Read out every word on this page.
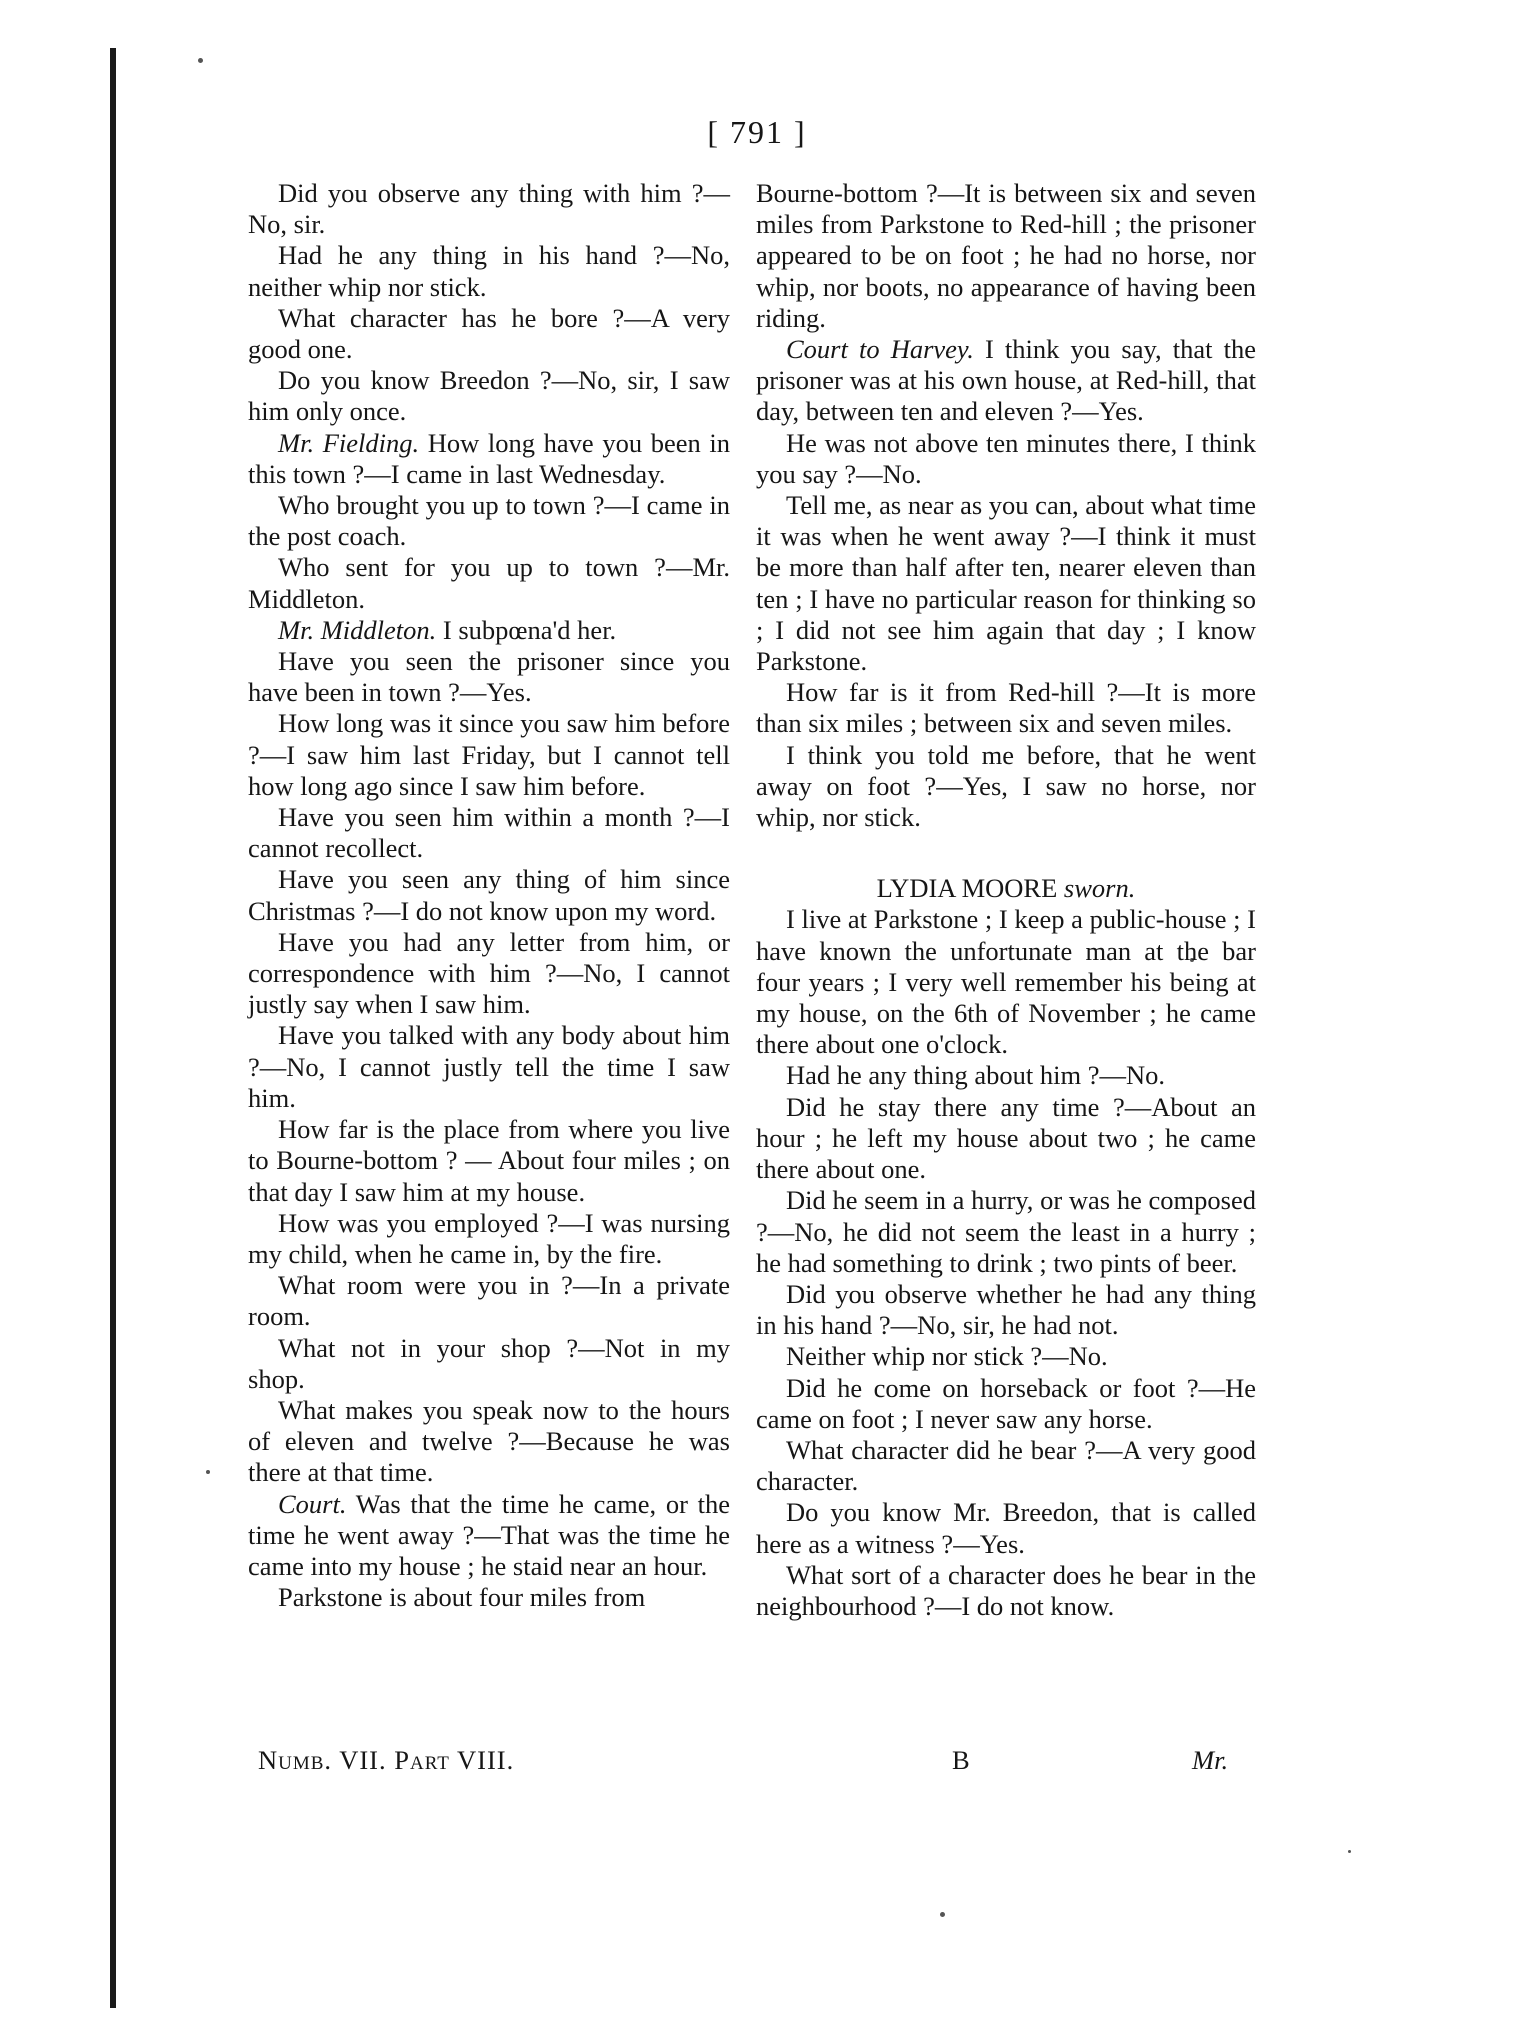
[ 791 ]

Did you observe any thing with him ?—No, sir.

Had he any thing in his hand ?—No, neither whip nor stick.

What character has he bore ?—A very good one.

Do you know Breedon ?—No, sir, I saw him only once.

Mr. Fielding. How long have you been in this town ?—I came in last Wednesday.

Who brought you up to town ?—I came in the post coach.

Who sent for you up to town ?—Mr. Middleton.

Mr. Middleton. I subpœna'd her.

Have you seen the prisoner since you have been in town ?—Yes.

How long was it since you saw him before ?—I saw him last Friday, but I cannot tell how long ago since I saw him before.

Have you seen him within a month ?—I cannot recollect.

Have you seen any thing of him since Christmas ?—I do not know upon my word.

Have you had any letter from him, or correspondence with him ?—No, I cannot justly say when I saw him.

Have you talked with any body about him ?—No, I cannot justly tell the time I saw him.

How far is the place from where you live to Bourne-bottom ? — About four miles ; on that day I saw him at my house.

How was you employed ?—I was nursing my child, when he came in, by the fire.

What room were you in ?—In a private room.

What not in your shop ?—Not in my shop.

What makes you speak now to the hours of eleven and twelve ?—Because he was there at that time.

Court. Was that the time he came, or the time he went away ?—That was the time he came into my house ; he staid near an hour.

Parkstone is about four miles from

Bourne-bottom ?—It is between six and seven miles from Parkstone to Red-hill ; the prisoner appeared to be on foot ; he had no horse, nor whip, nor boots, no appearance of having been riding.

Court to Harvey. I think you say, that the prisoner was at his own house, at Red-hill, that day, between ten and eleven ?—Yes.

He was not above ten minutes there, I think you say ?—No.

Tell me, as near as you can, about what time it was when he went away ?—I think it must be more than half after ten, nearer eleven than ten ; I have no particular reason for thinking so ; I did not see him again that day ; I know Parkstone.

How far is it from Red-hill ?—It is more than six miles ; between six and seven miles.

I think you told me before, that he went away on foot ?—Yes, I saw no horse, nor whip, nor stick.

LYDIA MOORE sworn.

I live at Parkstone ; I keep a public-house ; I have known the unfortunate man at the bar four years ; I very well remember his being at my house, on the 6th of November ; he came there about one o'clock.

Had he any thing about him ?—No.

Did he stay there any time ?—About an hour ; he left my house about two ; he came there about one.

Did he seem in a hurry, or was he composed ?—No, he did not seem the least in a hurry ; he had something to drink ; two pints of beer.

Did you observe whether he had any thing in his hand ?—No, sir, he had not.

Neither whip nor stick ?—No.

Did he come on horseback or foot ?—He came on foot ; I never saw any horse.

What character did he bear ?—A very good character.

Do you know Mr. Breedon, that is called here as a witness ?—Yes.

What sort of a character does he bear in the neighbourhood ?—I do not know.

Numb. VII. Part VIII.	B	Mr.
